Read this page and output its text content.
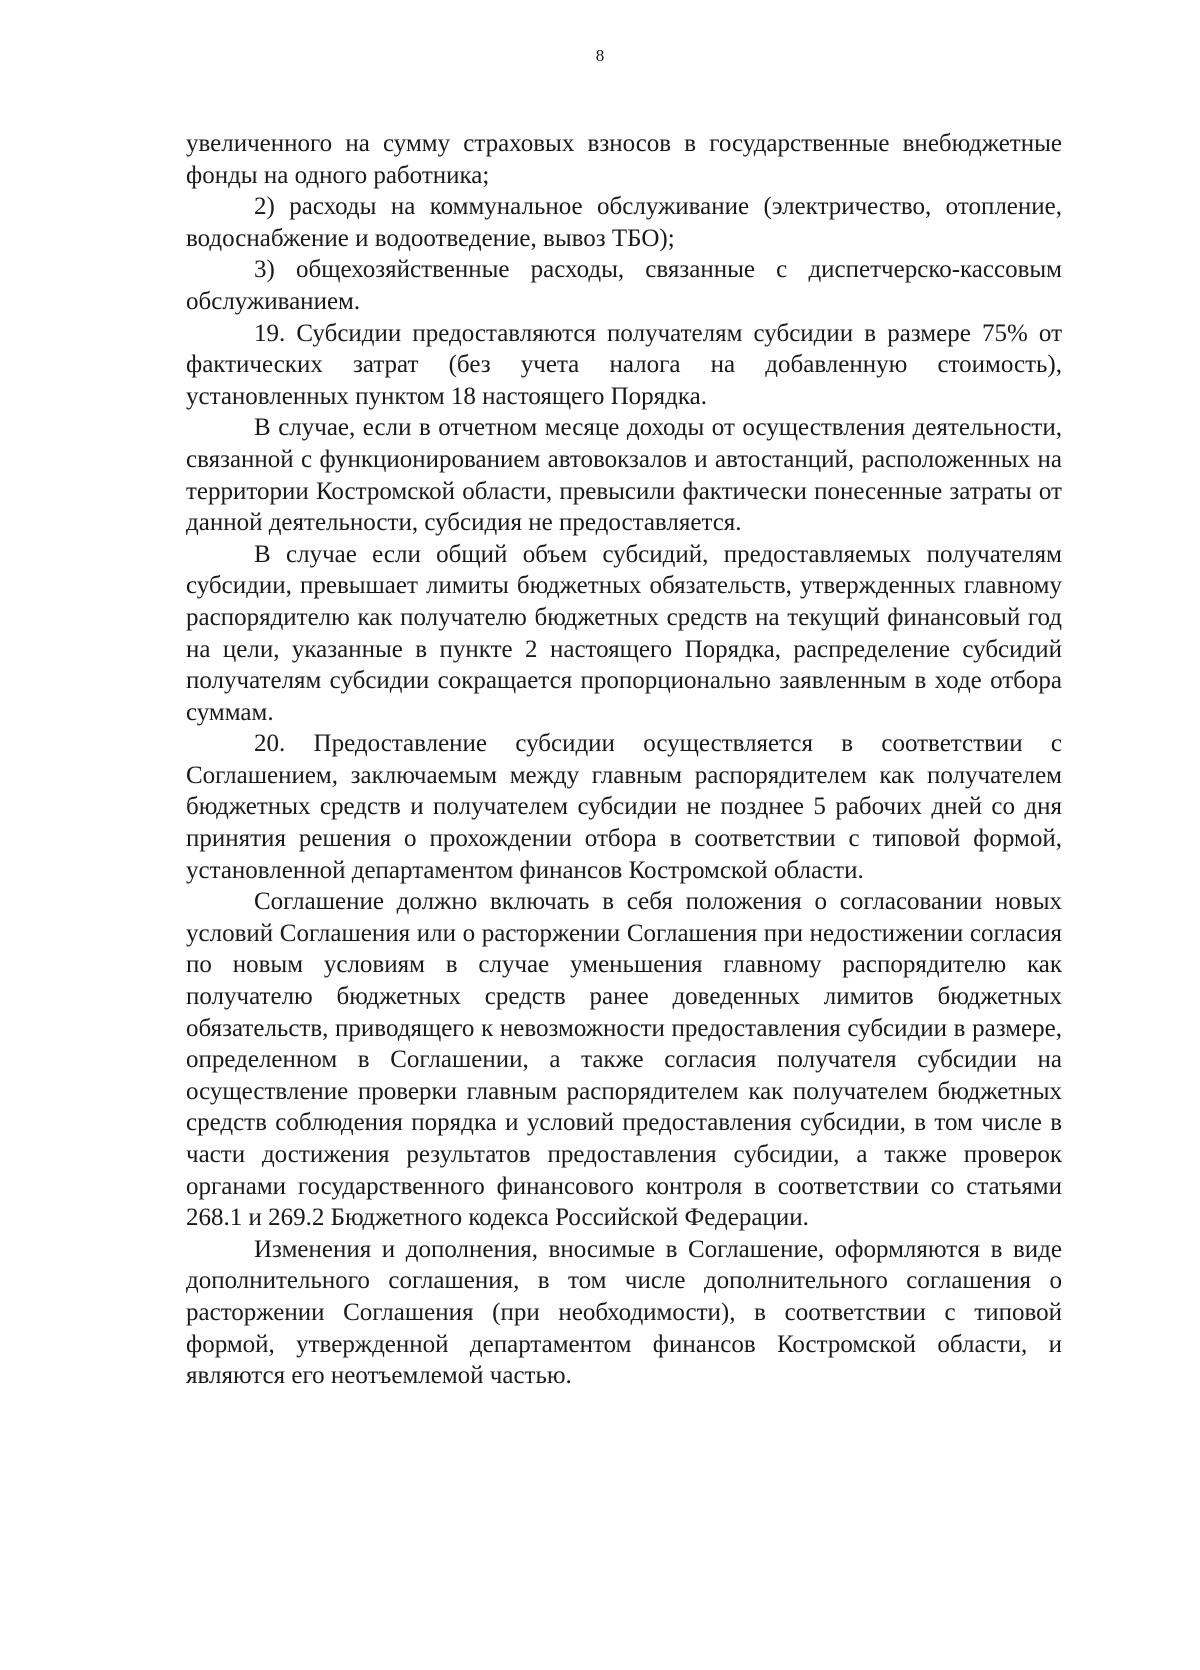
8

увеличенного на сумму страховых взносов в государственные внебюджетные фонды на одного работника;

2) расходы на коммунальное обслуживание (электричество, отопление, водоснабжение и водоотведение, вывоз ТБО);

3) общехозяйственные расходы, связанные с диспетчерско-кассовым обслуживанием.

19. Субсидии предоставляются получателям субсидии в размере 75% от фактических затрат (без учета налога на добавленную стоимость), установленных пунктом 18 настоящего Порядка.

В случае, если в отчетном месяце доходы от осуществления деятельности, связанной с функционированием автовокзалов и автостанций, расположенных на территории Костромской области, превысили фактически понесенные затраты от данной деятельности, субсидия не предоставляется.

В случае если общий объем субсидий, предоставляемых получателям субсидии, превышает лимиты бюджетных обязательств, утвержденных главному распорядителю как получателю бюджетных средств на текущий финансовый год на цели, указанные в пункте 2 настоящего Порядка, распределение субсидий получателям субсидии сокращается пропорционально заявленным в ходе отбора суммам.

20. Предоставление субсидии осуществляется в соответствии с Соглашением, заключаемым между главным распорядителем как получателем бюджетных средств и получателем субсидии не позднее 5 рабочих дней со дня принятия решения о прохождении отбора в соответствии с типовой формой, установленной департаментом финансов Костромской области.

Соглашение должно включать в себя положения о согласовании новых условий Соглашения или о расторжении Соглашения при недостижении согласия по новым условиям в случае уменьшения главному распорядителю как получателю бюджетных средств ранее доведенных лимитов бюджетных обязательств, приводящего к невозможности предоставления субсидии в размере, определенном в Соглашении, а также согласия получателя субсидии на осуществление проверки главным распорядителем как получателем бюджетных средств соблюдения порядка и условий предоставления субсидии, в том числе в части достижения результатов предоставления субсидии, а также проверок органами государственного финансового контроля в соответствии со статьями 268.1 и 269.2 Бюджетного кодекса Российской Федерации.

Изменения и дополнения, вносимые в Соглашение, оформляются в виде дополнительного соглашения, в том числе дополнительного соглашения о расторжении Соглашения (при необходимости), в соответствии с типовой формой, утвержденной департаментом финансов Костромской области, и являются его неотъемлемой частью.
